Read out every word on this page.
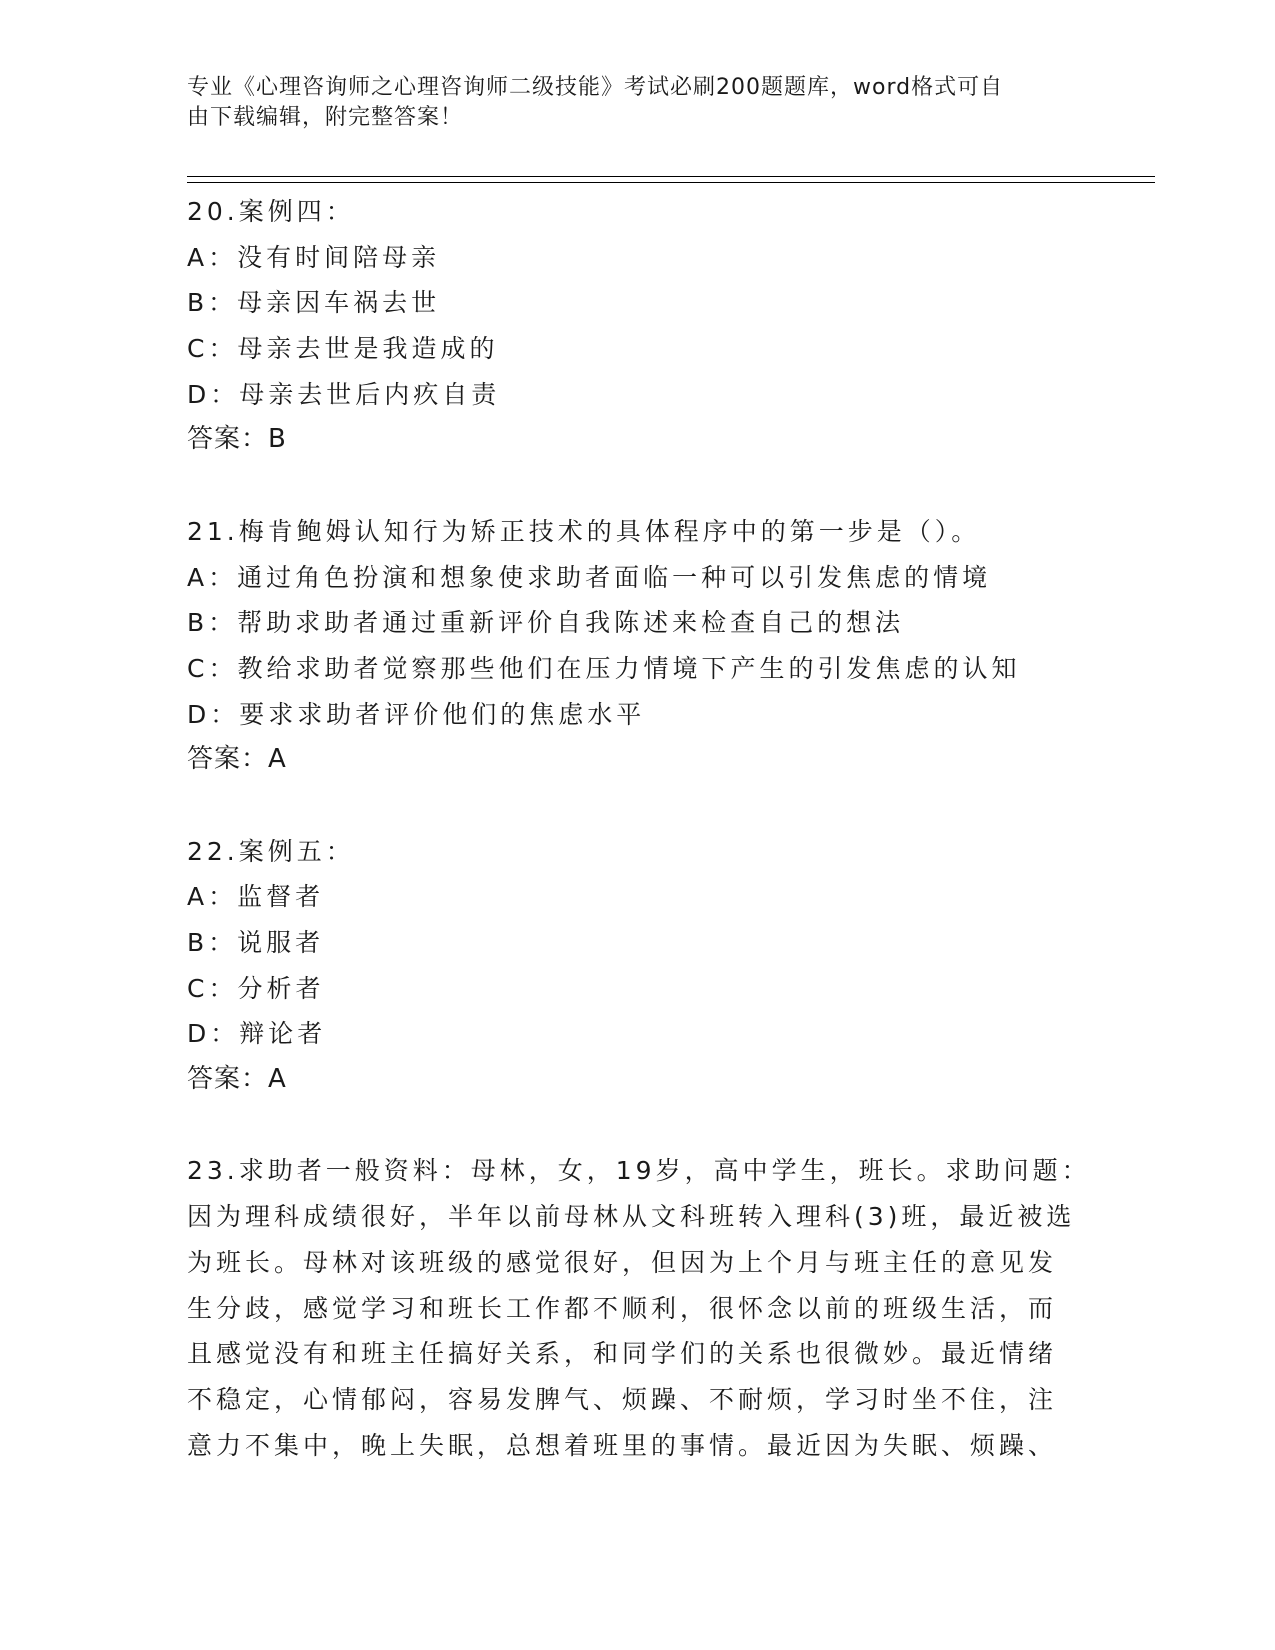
专业《心理咨询师之心理咨询师二级技能》考试必刷200题题库，word格式可自
由下载编辑，附完整答案！
20.案例四：
A：没有时间陪母亲
B：母亲因车祸去世
C：母亲去世是我造成的
D：母亲去世后内疚自责
答案：B
21.梅肯鲍姆认知行为矫正技术的具体程序中的第一步是（）。
A：通过角色扮演和想象使求助者面临一种可以引发焦虑的情境
B：帮助求助者通过重新评价自我陈述来检查自己的想法
C：教给求助者觉察那些他们在压力情境下产生的引发焦虑的认知
D：要求求助者评价他们的焦虑水平
答案：A
22.案例五：
A：监督者
B：说服者
C：分析者
D：辩论者
答案：A
23.求助者一般资料：母林，女，19岁，高中学生，班长。求助问题：
因为理科成绩很好，半年以前母林从文科班转入理科(3)班，最近被选
为班长。母林对该班级的感觉很好，但因为上个月与班主任的意见发
生分歧，感觉学习和班长工作都不顺利，很怀念以前的班级生活，而
且感觉没有和班主任搞好关系，和同学们的关系也很微妙。最近情绪
不稳定，心情郁闷，容易发脾气、烦躁、不耐烦，学习时坐不住，注
意力不集中，晚上失眠，总想着班里的事情。最近因为失眠、烦躁、
